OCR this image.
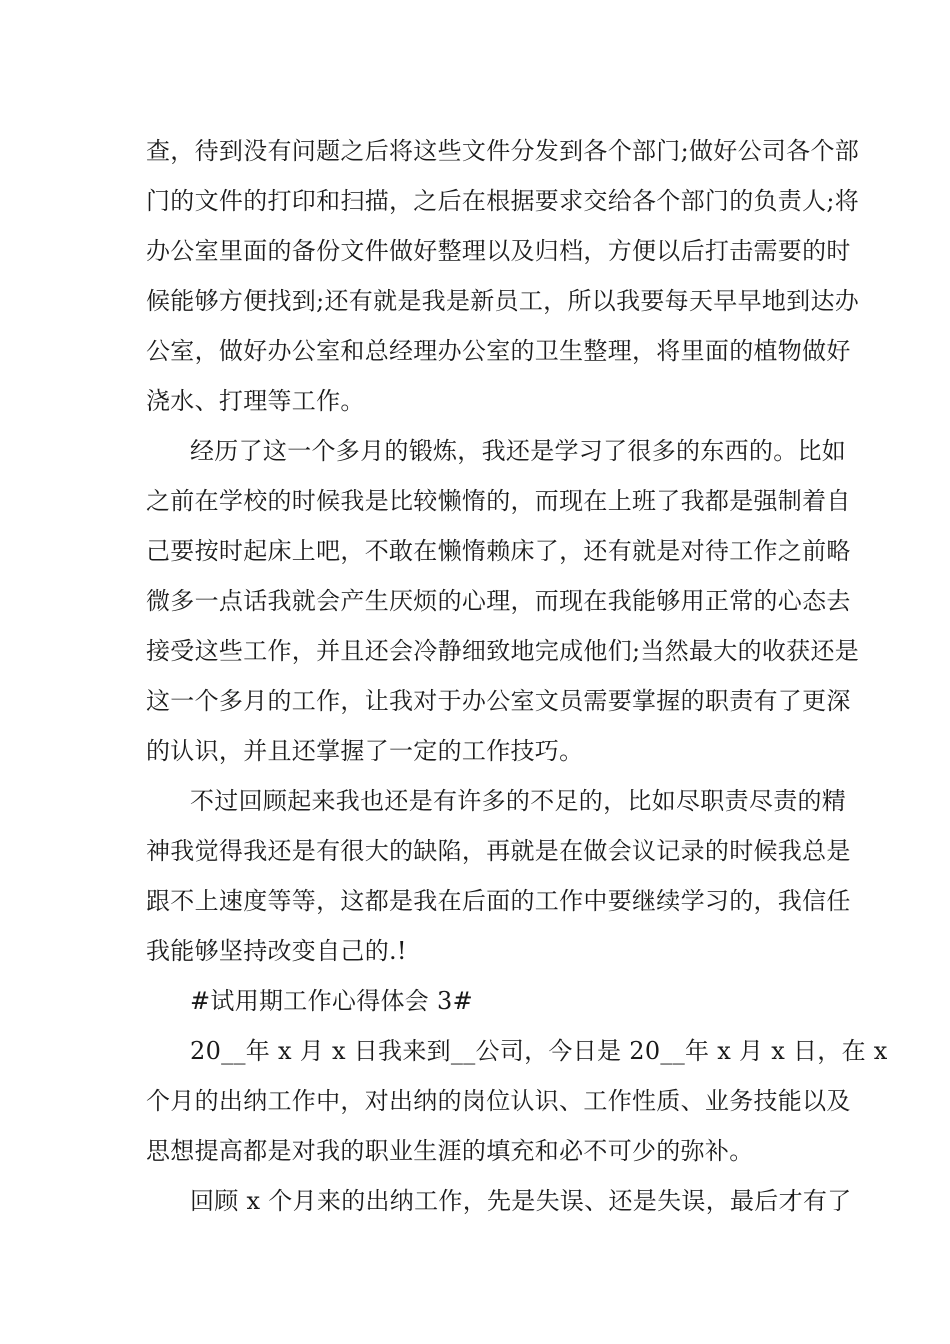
查，待到没有问题之后将这些文件分发到各个部门;做好公司各个部
门的文件的打印和扫描，之后在根据要求交给各个部门的负责人;将
办公室里面的备份文件做好整理以及归档，方便以后打击需要的时
候能够方便找到;还有就是我是新员工，所以我要每天早早地到达办
公室，做好办公室和总经理办公室的卫生整理，将里面的植物做好
浇水、打理等工作。
经历了这一个多月的锻炼，我还是学习了很多的东西的。比如
之前在学校的时候我是比较懒惰的，而现在上班了我都是强制着自
己要按时起床上吧，不敢在懒惰赖床了，还有就是对待工作之前略
微多一点话我就会产生厌烦的心理，而现在我能够用正常的心态去
接受这些工作，并且还会冷静细致地完成他们;当然最大的收获还是
这一个多月的工作，让我对于办公室文员需要掌握的职责有了更深
的认识，并且还掌握了一定的工作技巧。
不过回顾起来我也还是有许多的不足的，比如尽职责尽责的精
神我觉得我还是有很大的缺陷，再就是在做会议记录的时候我总是
跟不上速度等等，这都是我在后面的工作中要继续学习的，我信任
我能够坚持改变自己的.!
#试用期工作心得体会 3#
20__年 x 月 x 日我来到__公司，今日是 20__年 x 月 x 日，在 x
个月的出纳工作中，对出纳的岗位认识、工作性质、业务技能以及
思想提高都是对我的职业生涯的填充和必不可少的弥补。
回顾 x 个月来的出纳工作，先是失误、还是失误，最后才有了
